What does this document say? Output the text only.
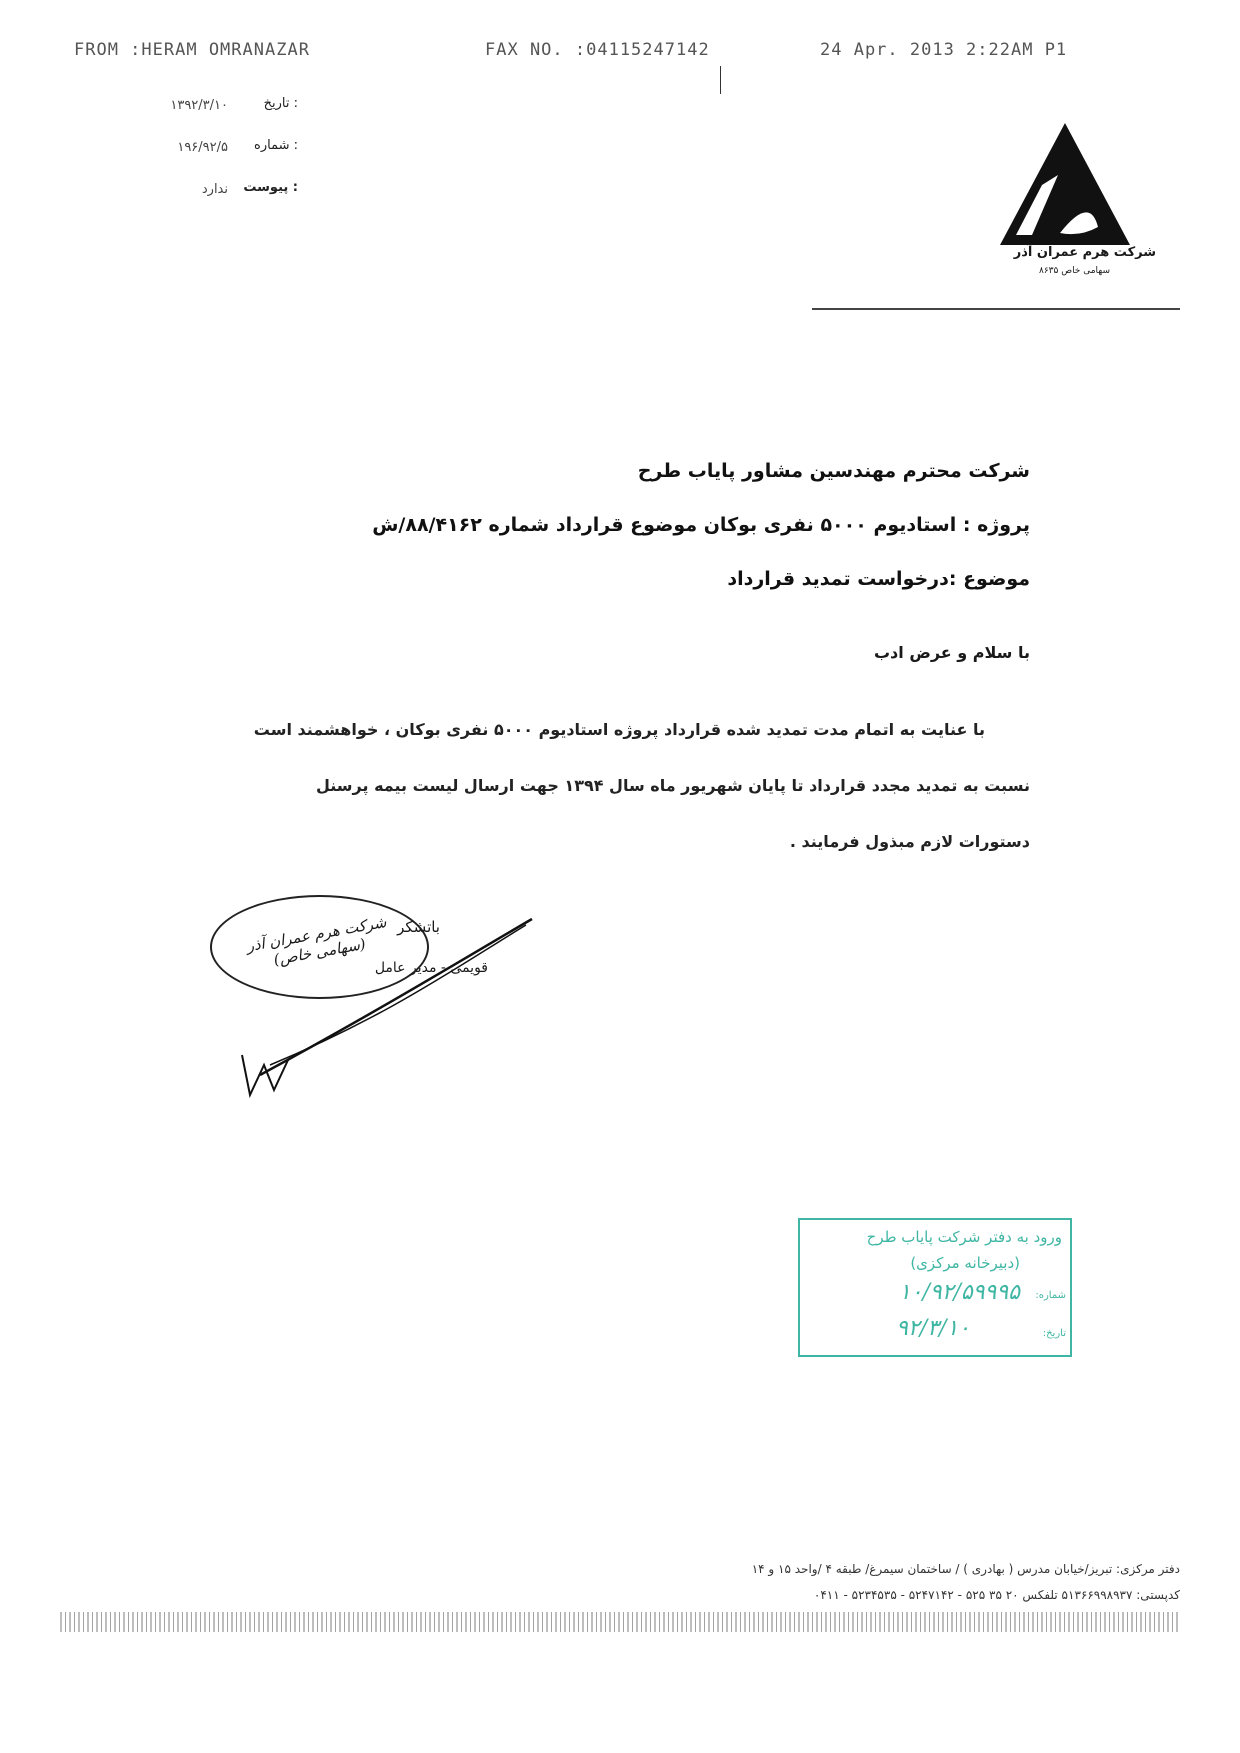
FROM :HERAM OMRANAZAR	FAX NO. :04115247142	24 Apr. 2013 2:22AM P1
تاریخ :
۱۳۹۲/۳/۱۰
شماره :
۱۹۶/۹۲/۵
پیوست :
ندارد
شرکت هرم عمران آذر
سهامی خاص ۸۶۳۵
شرکت محترم مهندسین مشاور پایاب طرح
پروژه : استادیوم ۵۰۰۰ نفری بوکان موضوع قرارداد شماره ۸۸/۴۱۶۲/ش
موضوع :درخواست تمدید قرارداد
با سلام و عرض ادب
با عنایت به اتمام مدت تمدید شده قرارداد پروژه استادیوم ۵۰۰۰ نفری بوکان ، خواهشمند است
نسبت به تمدید مجدد قرارداد تا پایان شهریور ماه سال ۱۳۹۴ جهت ارسال لیست بیمه پرسنل
دستورات لازم مبذول فرمایند .
شرکت هرم عمران آذر (سهامی خاص)
باتشکر
قویمی - مدیر عامل
ورود به دفتر شرکت پایاب طرح
(دبیرخانه مرکزی)
شماره:
۱۰/۹۲/۵۹۹۹۵
تاریخ:
۹۲/۳/۱۰
دفتر مرکزی: تبریز/خیابان مدرس ( بهادری ) / ساختمان سیمرغ/ طبقه ۴ /واحد ۱۵ و ۱۴
کدپستی: ۵۱۳۶۶۹۹۸۹۳۷ تلفکس ۲۰ ۳۵ ۵۲۵ - ۵۲۴۷۱۴۲ - ۵۲۳۴۵۳۵ - ۰۴۱۱
